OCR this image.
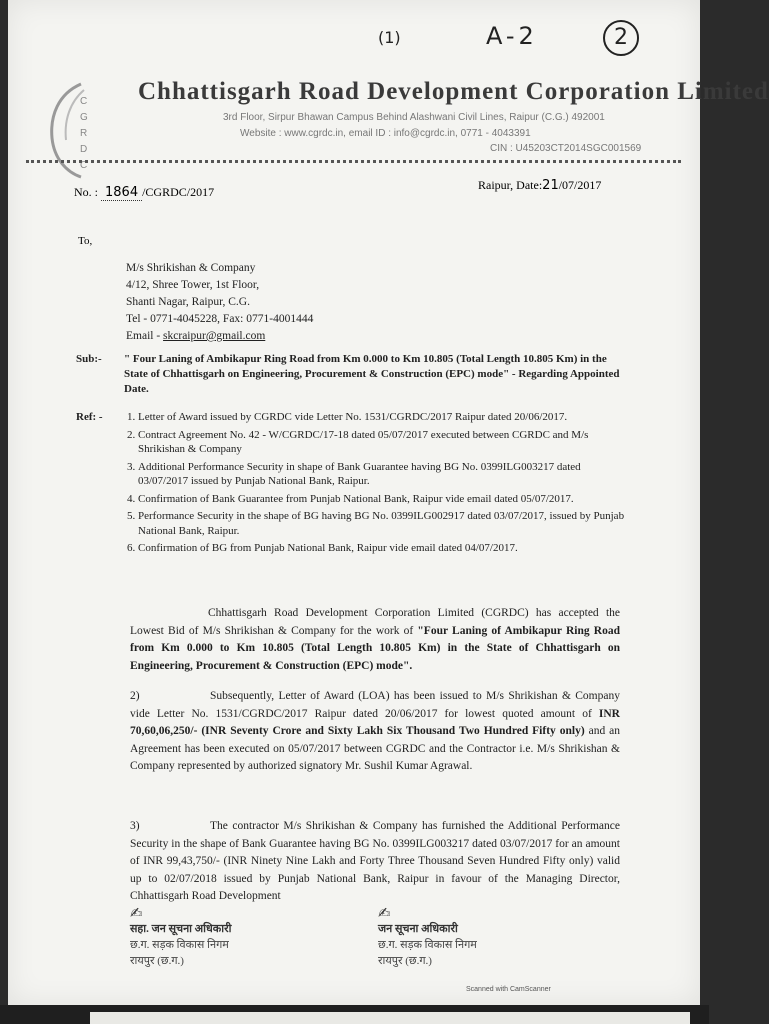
(1)	A-2	2
C
G
R
D
C
Chhattisgarh Road Development Corporation Limited
3rd Floor, Sirpur Bhawan Campus Behind Alashwani Civil Lines, Raipur (C.G.) 492001
Website : www.cgrdc.in, email ID : info@cgrdc.in, 0771 - 4043391
CIN : U45203CT2014SGC001569
No. : 1864 /CGRDC/2017	Raipur, Date:21/07/2017
To,
M/s Shrikishan & Company
4/12, Shree Tower, 1st Floor,
Shanti Nagar, Raipur, C.G.
Tel - 0771-4045228, Fax: 0771-4001444
Email - skcraipur@gmail.com
Sub:- " Four Laning of Ambikapur Ring Road from Km 0.000 to Km 10.805 (Total Length 10.805 Km) in the State of Chhattisgarh on Engineering, Procurement & Construction (EPC) mode" - Regarding Appointed Date.
Ref: -
1.	Letter of Award issued by CGRDC vide Letter No. 1531/CGRDC/2017 Raipur dated 20/06/2017.
2. Contract Agreement No. 42 - W/CGRDC/17-18 dated 05/07/2017 executed between CGRDC and M/s Shrikishan & Company
3. Additional Performance Security in shape of Bank Guarantee having BG No. 0399ILG003217 dated 03/07/2017 issued by Punjab National Bank, Raipur.
4. Confirmation of Bank Guarantee from Punjab National Bank, Raipur vide email dated 05/07/2017.
5. Performance Security in the shape of BG having BG No. 0399ILG002917 dated 03/07/2017, issued by Punjab National Bank, Raipur.
6. Confirmation of BG from Punjab National Bank, Raipur vide email dated 04/07/2017.
Chhattisgarh Road Development Corporation Limited (CGRDC) has accepted the Lowest Bid of M/s Shrikishan & Company for the work of "Four Laning of Ambikapur Ring Road from Km 0.000 to Km 10.805 (Total Length 10.805 Km) in the State of Chhattisgarh on Engineering, Procurement & Construction (EPC) mode".
2)	Subsequently, Letter of Award (LOA) has been issued to M/s Shrikishan & Company vide Letter No. 1531/CGRDC/2017 Raipur dated 20/06/2017 for lowest quoted amount of INR 70,60,06,250/- (INR Seventy Crore and Sixty Lakh Six Thousand Two Hundred Fifty only) and an Agreement has been executed on 05/07/2017 between CGRDC and the Contractor i.e. M/s Shrikishan & Company represented by authorized signatory Mr. Sushil Kumar Agrawal.
3)	The contractor M/s Shrikishan & Company has furnished the Additional Performance Security in the shape of Bank Guarantee having BG No. 0399ILG003217 dated 03/07/2017 for an amount of INR 99,43,750/- (INR Ninety Nine Lakh and Forty Three Thousand Seven Hundred Fifty only) valid up to 02/07/2018 issued by Punjab National Bank, Raipur in favour of the Managing Director, Chhattisgarh Road Development
✍
सहा. जन सूचना अधिकारी
छ.ग. सड़क विकास निगम
रायपुर (छ.ग.)
✍
जन सूचना अधिकारी
छ.ग. सड़क विकास निगम
रायपुर (छ.ग.)
Scanned with CamScanner
